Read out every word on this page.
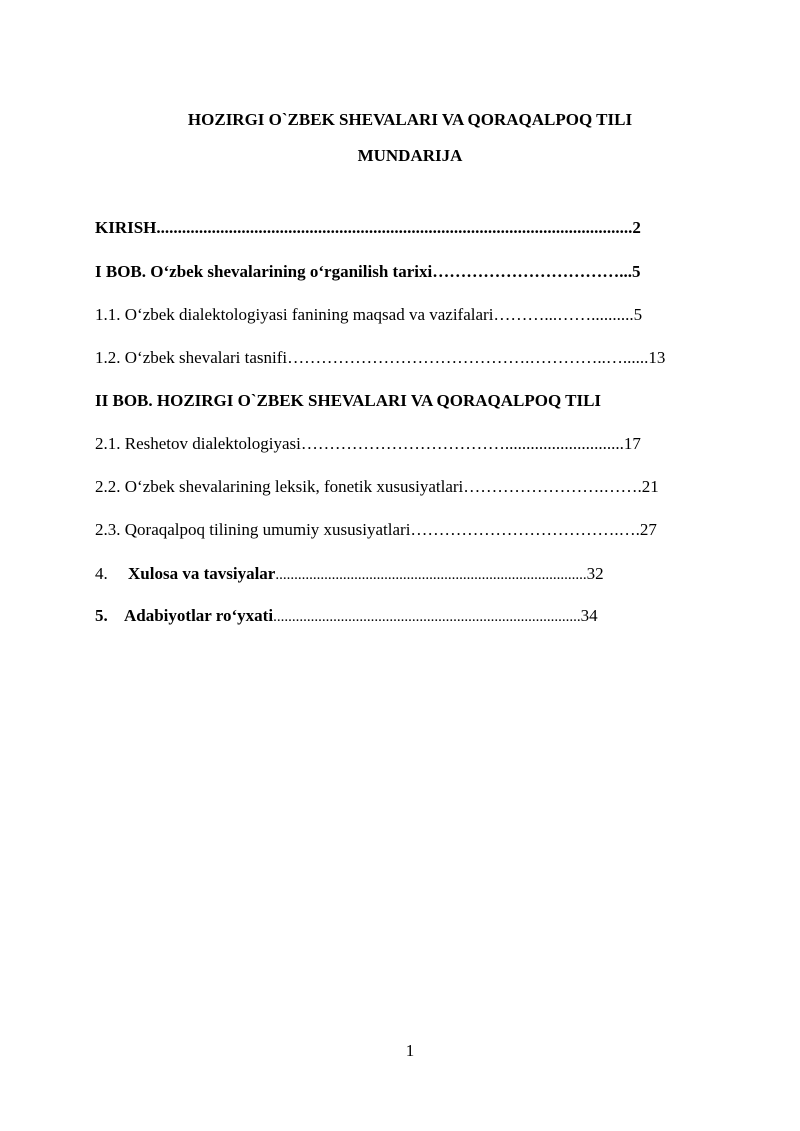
HOZIRGI O`ZBEK SHEVALARI VA QORAQALPOQ TILI
MUNDARIJA
KIRISH................................................................................................................2
I BOB. O‘zbek shevalarining o‘rganilish tarixi……………………………...5
1.1. O‘zbek dialektologiyasi fanining maqsad va vazifalari………...……..........5
1.2. O‘zbek shevalari tasnifi…………………………………….…………..…......13
II BOB. HOZIRGI O`ZBEK SHEVALARI VA QORAQALPOQ TILI
2.1. Reshetov dialektologiyasi………………………………............................17
2.2. O‘zbek shevalarining leksik, fonetik xususiyatlari…………………….…….21
2.3. Qoraqalpoq tilining umumiy xususiyatlari……………………………….….27
4. Xulosa va tavsiyalar...................................................................................32
5. Adabiyotlar ro‘yxati..................................................................................34
1
